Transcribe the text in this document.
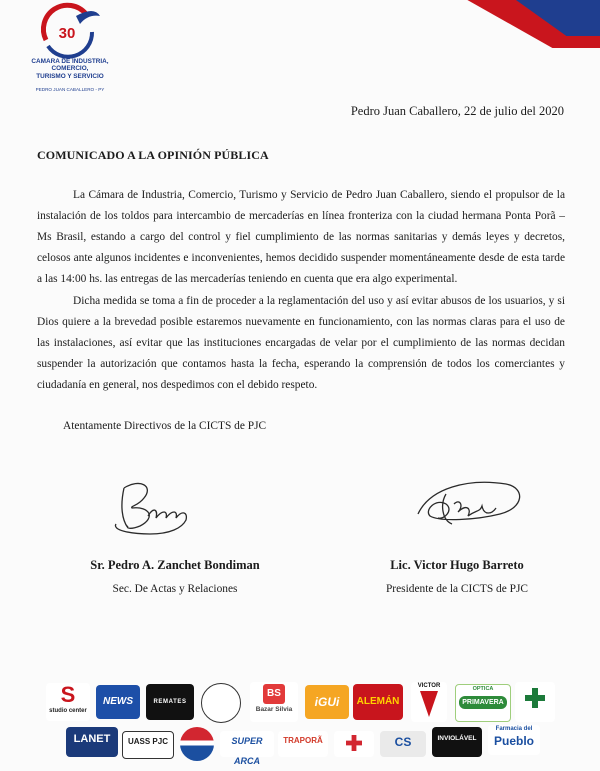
30
CAMARA DE INDUSTRIA, COMERCIO,
TURISMO Y SERVICIO
PEDRO JUAN CABALLERO - PY
Pedro Juan Caballero, 22 de julio del 2020
COMUNICADO A LA OPINIÓN PÚBLICA

La Cámara de Industria, Comercio, Turismo y Servicio de Pedro Juan Caballero, siendo el propulsor de la instalación de los toldos para intercambio de mercaderías en línea fronteriza con la ciudad hermana Ponta Porã – Ms Brasil, estando a cargo del control y fiel cumplimiento de las normas sanitarias y demás leyes y decretos, celosos ante algunos incidentes e inconvenientes, hemos decidido suspender momentáneamente desde de esta tarde a las 14:00 hs. las entregas de las mercaderías teniendo en cuenta que era algo experimental.

Dicha medida se toma a fin de proceder a la reglamentación del uso y así evitar abusos de los usuarios, y si Dios quiere a la brevedad posible estaremos nuevamente en funcionamiento, con las normas claras para el uso de las instalaciones, así evitar que las instituciones encargadas de velar por el cumplimiento de las normas decidan suspender la autorización que contamos hasta la fecha, esperando la comprensión de todos los comerciantes y ciudadanía en general, nos despedimos con el debido respeto.

Atentamente Directivos de la CICTS de PJC
Sr. Pedro A. Zanchet Bondiman
Sec. De Actas y Relaciones
Lic. Victor Hugo Barreto
Presidente de la CICTS de PJC
S
studio center
NEWS	REMATES
BS
Bazar Silvia
iGUi	ALEMÁN
VICTOR	OPTICA
PRIMAVERA
LANET	UASS PJC	SUPER ARCA
TRAPORÃ	CS	INVIOLÁVEL
Farmacia del
Pueblo
